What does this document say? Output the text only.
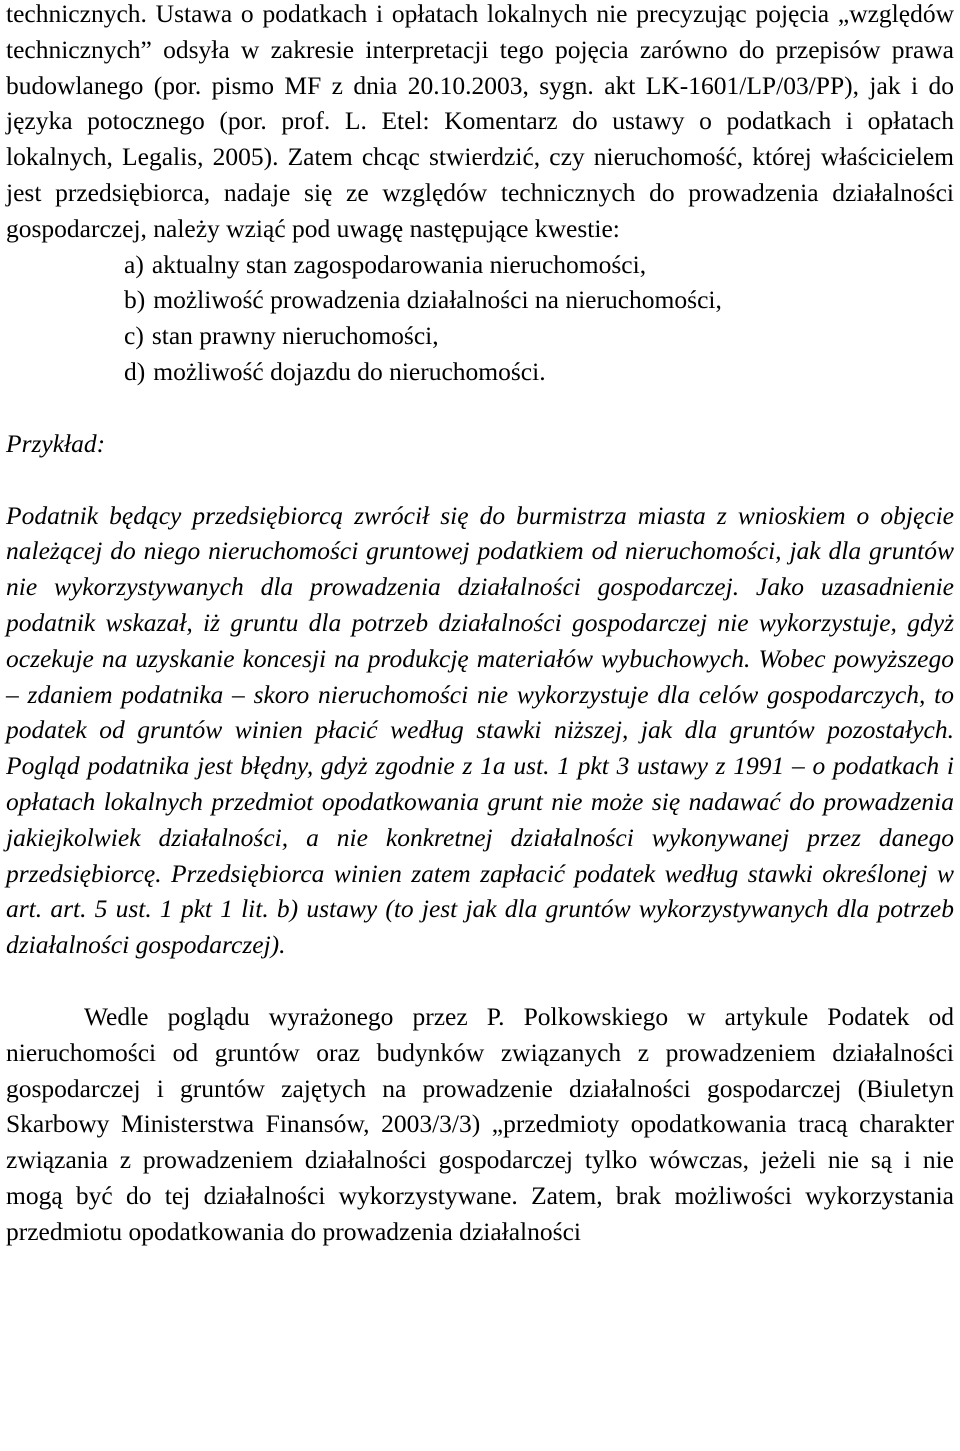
technicznych. Ustawa o podatkach i opłatach lokalnych nie precyzując pojęcia „względów technicznych” odsyła w zakresie interpretacji tego pojęcia zarówno do przepisów prawa budowlanego (por. pismo MF z dnia 20.10.2003, sygn. akt LK-1601/LP/03/PP), jak i do języka potocznego (por. prof. L. Etel: Komentarz do ustawy o podatkach i opłatach lokalnych, Legalis, 2005). Zatem chcąc stwierdzić, czy nieruchomość, której właścicielem jest przedsiębiorca, nadaje się ze względów technicznych do prowadzenia działalności gospodarczej, należy wziąć pod uwagę następujące kwestie:

a) aktualny stan zagospodarowania nieruchomości,
b) możliwość prowadzenia działalności na nieruchomości,
c) stan prawny nieruchomości,
d) możliwość dojazdu do nieruchomości.

Przykład:

Podatnik będący przedsiębiorcą zwrócił się do burmistrza miasta z wnioskiem o objęcie należącej do niego nieruchomości gruntowej podatkiem od nieruchomości, jak dla gruntów nie wykorzystywanych dla prowadzenia działalności gospodarczej. Jako uzasadnienie podatnik wskazał, iż gruntu dla potrzeb działalności gospodarczej nie wykorzystuje, gdyż oczekuje na uzyskanie koncesji na produkcję materiałów wybuchowych. Wobec powyższego – zdaniem podatnika – skoro nieruchomości nie wykorzystuje dla celów gospodarczych, to podatek od gruntów winien płacić według stawki niższej, jak dla gruntów pozostałych. Pogląd podatnika jest błędny, gdyż zgodnie z 1a ust. 1 pkt 3 ustawy z 1991 – o podatkach i opłatach lokalnych przedmiot opodatkowania grunt nie może się nadawać do prowadzenia jakiejkolwiek działalności, a nie konkretnej działalności wykonywanej przez danego przedsiębiorcę. Przedsiębiorca winien zatem zapłacić podatek według stawki określonej w art. art. 5 ust. 1 pkt 1 lit. b) ustawy (to jest jak dla gruntów wykorzystywanych dla potrzeb działalności gospodarczej).

Wedle poglądu wyrażonego przez P. Polkowskiego w artykule Podatek od nieruchomości od gruntów oraz budynków związanych z prowadzeniem działalności gospodarczej i gruntów zajętych na prowadzenie działalności gospodarczej (Biuletyn Skarbowy Ministerstwa Finansów, 2003/3/3) „przedmioty opodatkowania tracą charakter związania z prowadzeniem działalności gospodarczej tylko wówczas, jeżeli nie są i nie mogą być do tej działalności wykorzystywane. Zatem, brak możliwości wykorzystania przedmiotu opodatkowania do prowadzenia działalności
